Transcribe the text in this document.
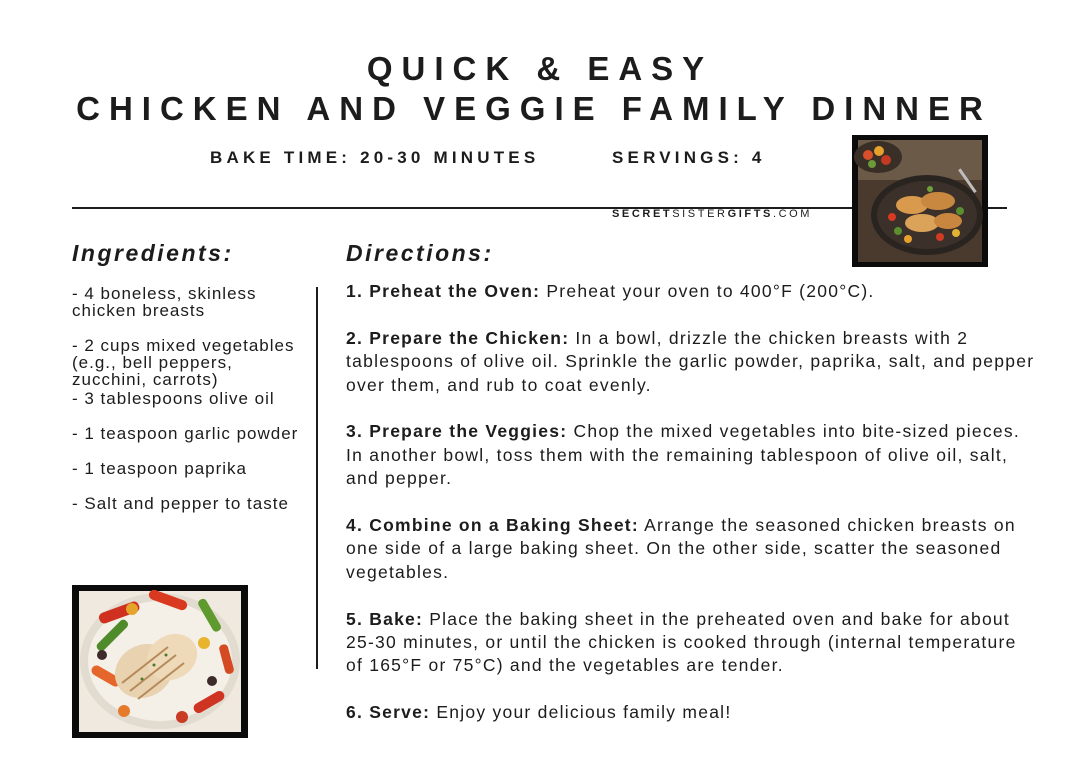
QUICK & EASY
CHICKEN AND VEGGIE FAMILY DINNER
BAKE TIME: 20-30 MINUTES	SERVINGS: 4
SECRETSISTERGIFTS.COM
Ingredients:
- 4 boneless, skinless chicken breasts
- 2 cups mixed vegetables (e.g., bell peppers, zucchini, carrots)
- 3 tablespoons olive oil
- 1 teaspoon garlic powder
- 1 teaspoon paprika
- Salt and pepper to taste
Directions:
1. Preheat the Oven: Preheat your oven to 400°F (200°C).
2. Prepare the Chicken: In a bowl, drizzle the chicken breasts with 2 tablespoons of olive oil. Sprinkle the garlic powder, paprika, salt, and pepper over them, and rub to coat evenly.
3. Prepare the Veggies: Chop the mixed vegetables into bite-sized pieces. In another bowl, toss them with the remaining tablespoon of olive oil, salt, and pepper.
4. Combine on a Baking Sheet: Arrange the seasoned chicken breasts on one side of a large baking sheet. On the other side, scatter the seasoned vegetables.
5. Bake: Place the baking sheet in the preheated oven and bake for about 25-30 minutes, or until the chicken is cooked through (internal temperature of 165°F or 75°C) and the vegetables are tender.
6. Serve: Enjoy your delicious family meal!
